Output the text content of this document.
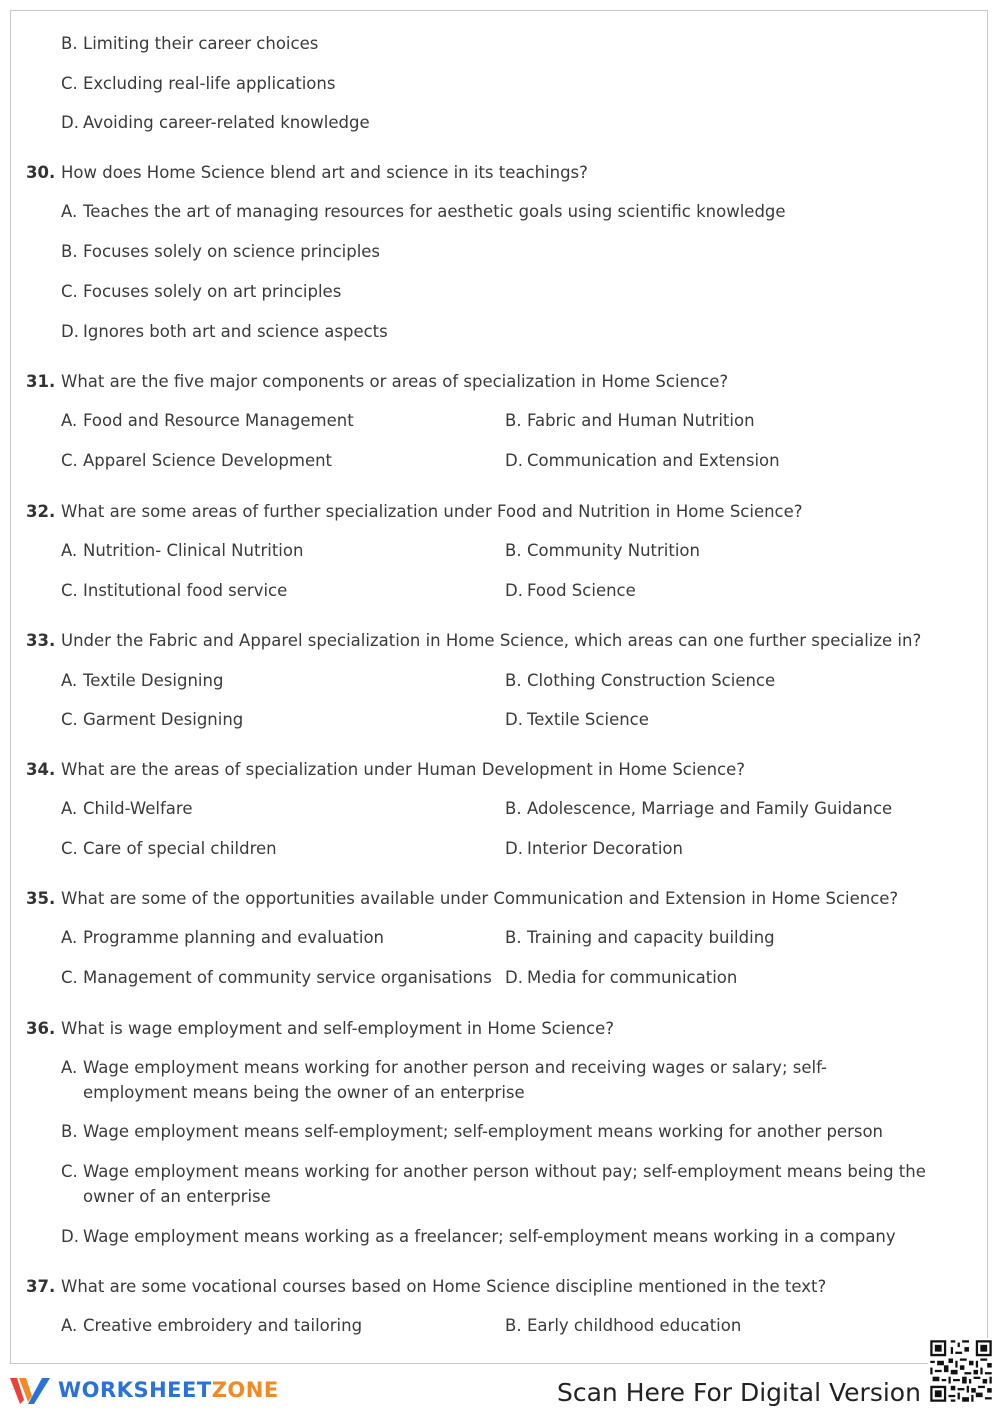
B. Limiting their career choices
C. Excluding real-life applications
D. Avoiding career-related knowledge
30. How does Home Science blend art and science in its teachings?
A. Teaches the art of managing resources for aesthetic goals using scientific knowledge
B. Focuses solely on science principles
C. Focuses solely on art principles
D. Ignores both art and science aspects
31. What are the five major components or areas of specialization in Home Science?
A. Food and Resource Management	B. Fabric and Human Nutrition
C. Apparel Science Development	D. Communication and Extension
32. What are some areas of further specialization under Food and Nutrition in Home Science?
A. Nutrition- Clinical Nutrition	B. Community Nutrition
C. Institutional food service	D. Food Science
33. Under the Fabric and Apparel specialization in Home Science, which areas can one further specialize in?
A. Textile Designing	B. Clothing Construction Science
C. Garment Designing	D. Textile Science
34. What are the areas of specialization under Human Development in Home Science?
A. Child-Welfare	B. Adolescence, Marriage and Family Guidance
C. Care of special children	D. Interior Decoration
35. What are some of the opportunities available under Communication and Extension in Home Science?
A. Programme planning and evaluation	B. Training and capacity building
C. Management of community service organisations D. Media for communication
36. What is wage employment and self-employment in Home Science?
A. Wage employment means working for another person and receiving wages or salary; self-employment means being the owner of an enterprise
B. Wage employment means self-employment; self-employment means working for another person
C. Wage employment means working for another person without pay; self-employment means being the owner of an enterprise
D. Wage employment means working as a freelancer; self-employment means working in a company
37. What are some vocational courses based on Home Science discipline mentioned in the text?
A. Creative embroidery and tailoring	B. Early childhood education
WORKSHEETZONE	Scan Here For Digital Version
